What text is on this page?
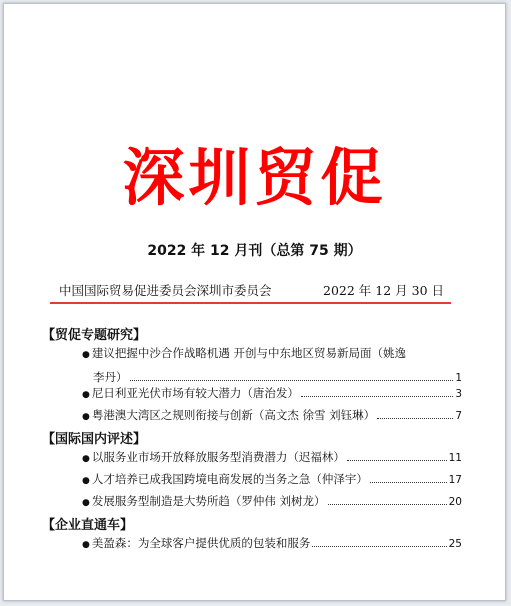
深圳贸促
2022 年 12 月刊（总第 75 期）
中国国际贸易促进委员会深圳市委员会	2022 年 12 月 30 日
【贸促专题研究】
● 建议把握中沙合作战略机遇 开创与中东地区贸易新局面（姚逸
李丹）	1
● 尼日利亚光伏市场有较大潜力（唐治发）	3
● 粤港澳大湾区之规则衔接与创新（高文杰 徐雪 刘钰琳）	7
【国际国内评述】
● 以服务业市场开放释放服务型消费潜力（迟福林）	11
● 人才培养已成我国跨境电商发展的当务之急（仲泽宇）	17
● 发展服务型制造是大势所趋（罗仲伟 刘树龙）	20
【企业直通车】
● 美盈森：为全球客户提供优质的包装和服务	25
